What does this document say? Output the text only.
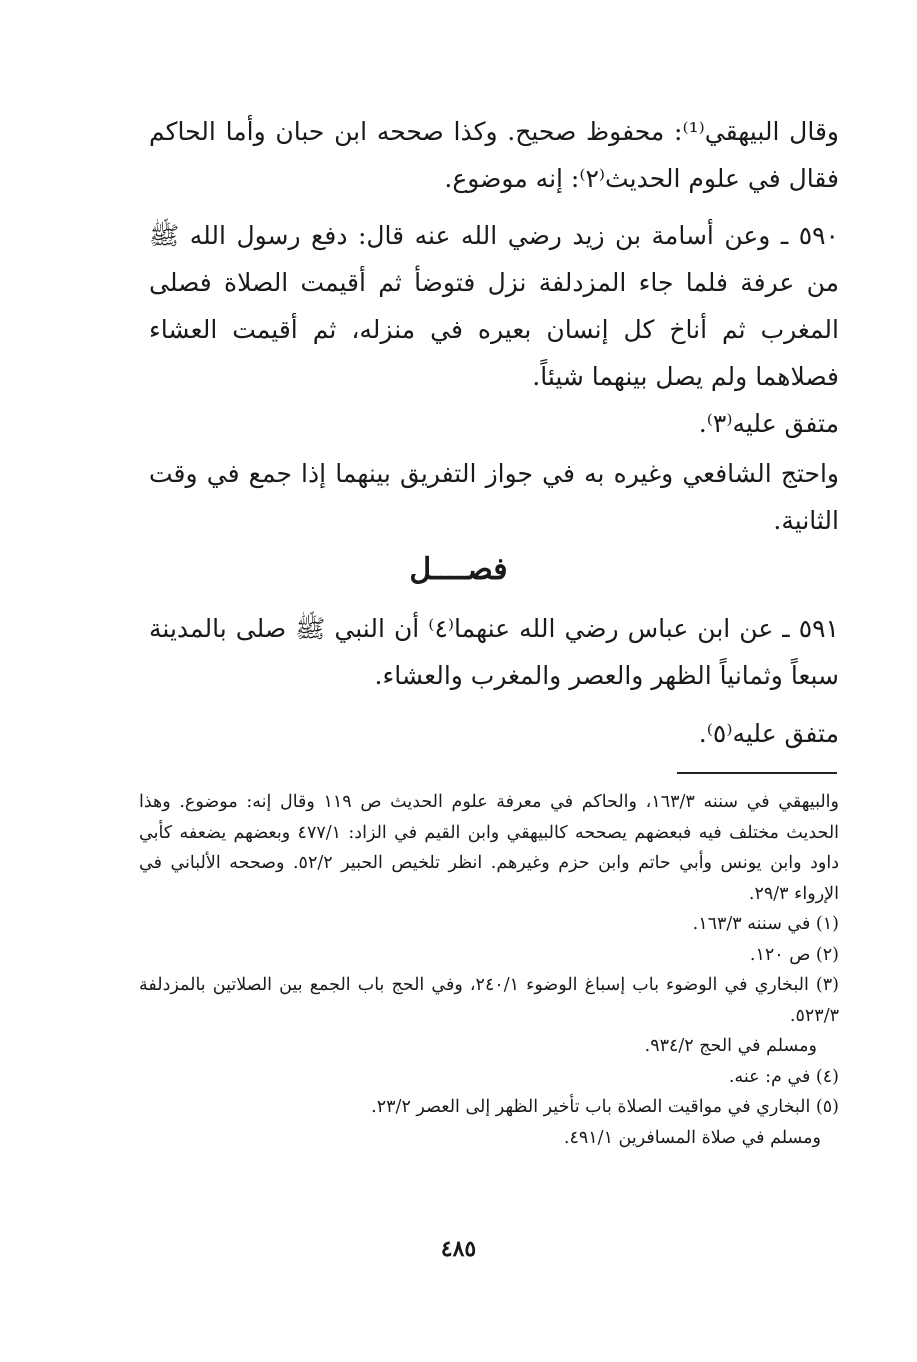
وقال البيهقي⁽¹⁾: محفوظ صحيح. وكذا صححه ابن حبان وأما الحاكم فقال في علوم الحديث⁽٢⁾: إنه موضوع.
٥٩٠ ـ وعن أسامة بن زيد رضي الله عنه قال: دفع رسول الله ﷺ من عرفة فلما جاء المزدلفة نزل فتوضأ ثم أقيمت الصلاة فصلى المغرب ثم أناخ كل إنسان بعيره في منزله، ثم أقيمت العشاء فصلاهما ولم يصل بينهما شيئاً.
متفق عليه⁽٣⁾.
واحتج الشافعي وغيره به في جواز التفريق بينهما إذا جمع في وقت الثانية.
فصــــل
٥٩١ ـ عن ابن عباس رضي الله عنهما⁽٤⁾ أن النبي ﷺ صلى بالمدينة سبعاً وثمانياً الظهر والعصر والمغرب والعشاء.
متفق عليه⁽٥⁾.

والبيهقي في سننه ١٦٣/٣، والحاكم في معرفة علوم الحديث ص ١١٩ وقال إنه: موضوع. وهذا الحديث مختلف فيه فبعضهم يصححه كالبيهقي وابن القيم في الزاد: ٤٧٧/١ وبعضهم يضعفه كأبي داود وابن يونس وأبي حاتم وابن حزم وغيرهم. انظر تلخيص الحبير ٥٢/٢. وصححه الألباني في الإرواء ٢٩/٣.

(١) في سننه ١٦٣/٣.

(٢) ص ١٢٠.

(٣) البخاري في الوضوء باب إسباغ الوضوء ٢٤٠/١، وفي الحج باب الجمع بين الصلاتين بالمزدلفة ٥٢٣/٣.

ومسلم في الحج ٩٣٤/٢.

(٤) في م: عنه.

(٥) البخاري في مواقيت الصلاة باب تأخير الظهر إلى العصر ٢٣/٢.

ومسلم في صلاة المسافرين ٤٩١/١.

٤٨٥
